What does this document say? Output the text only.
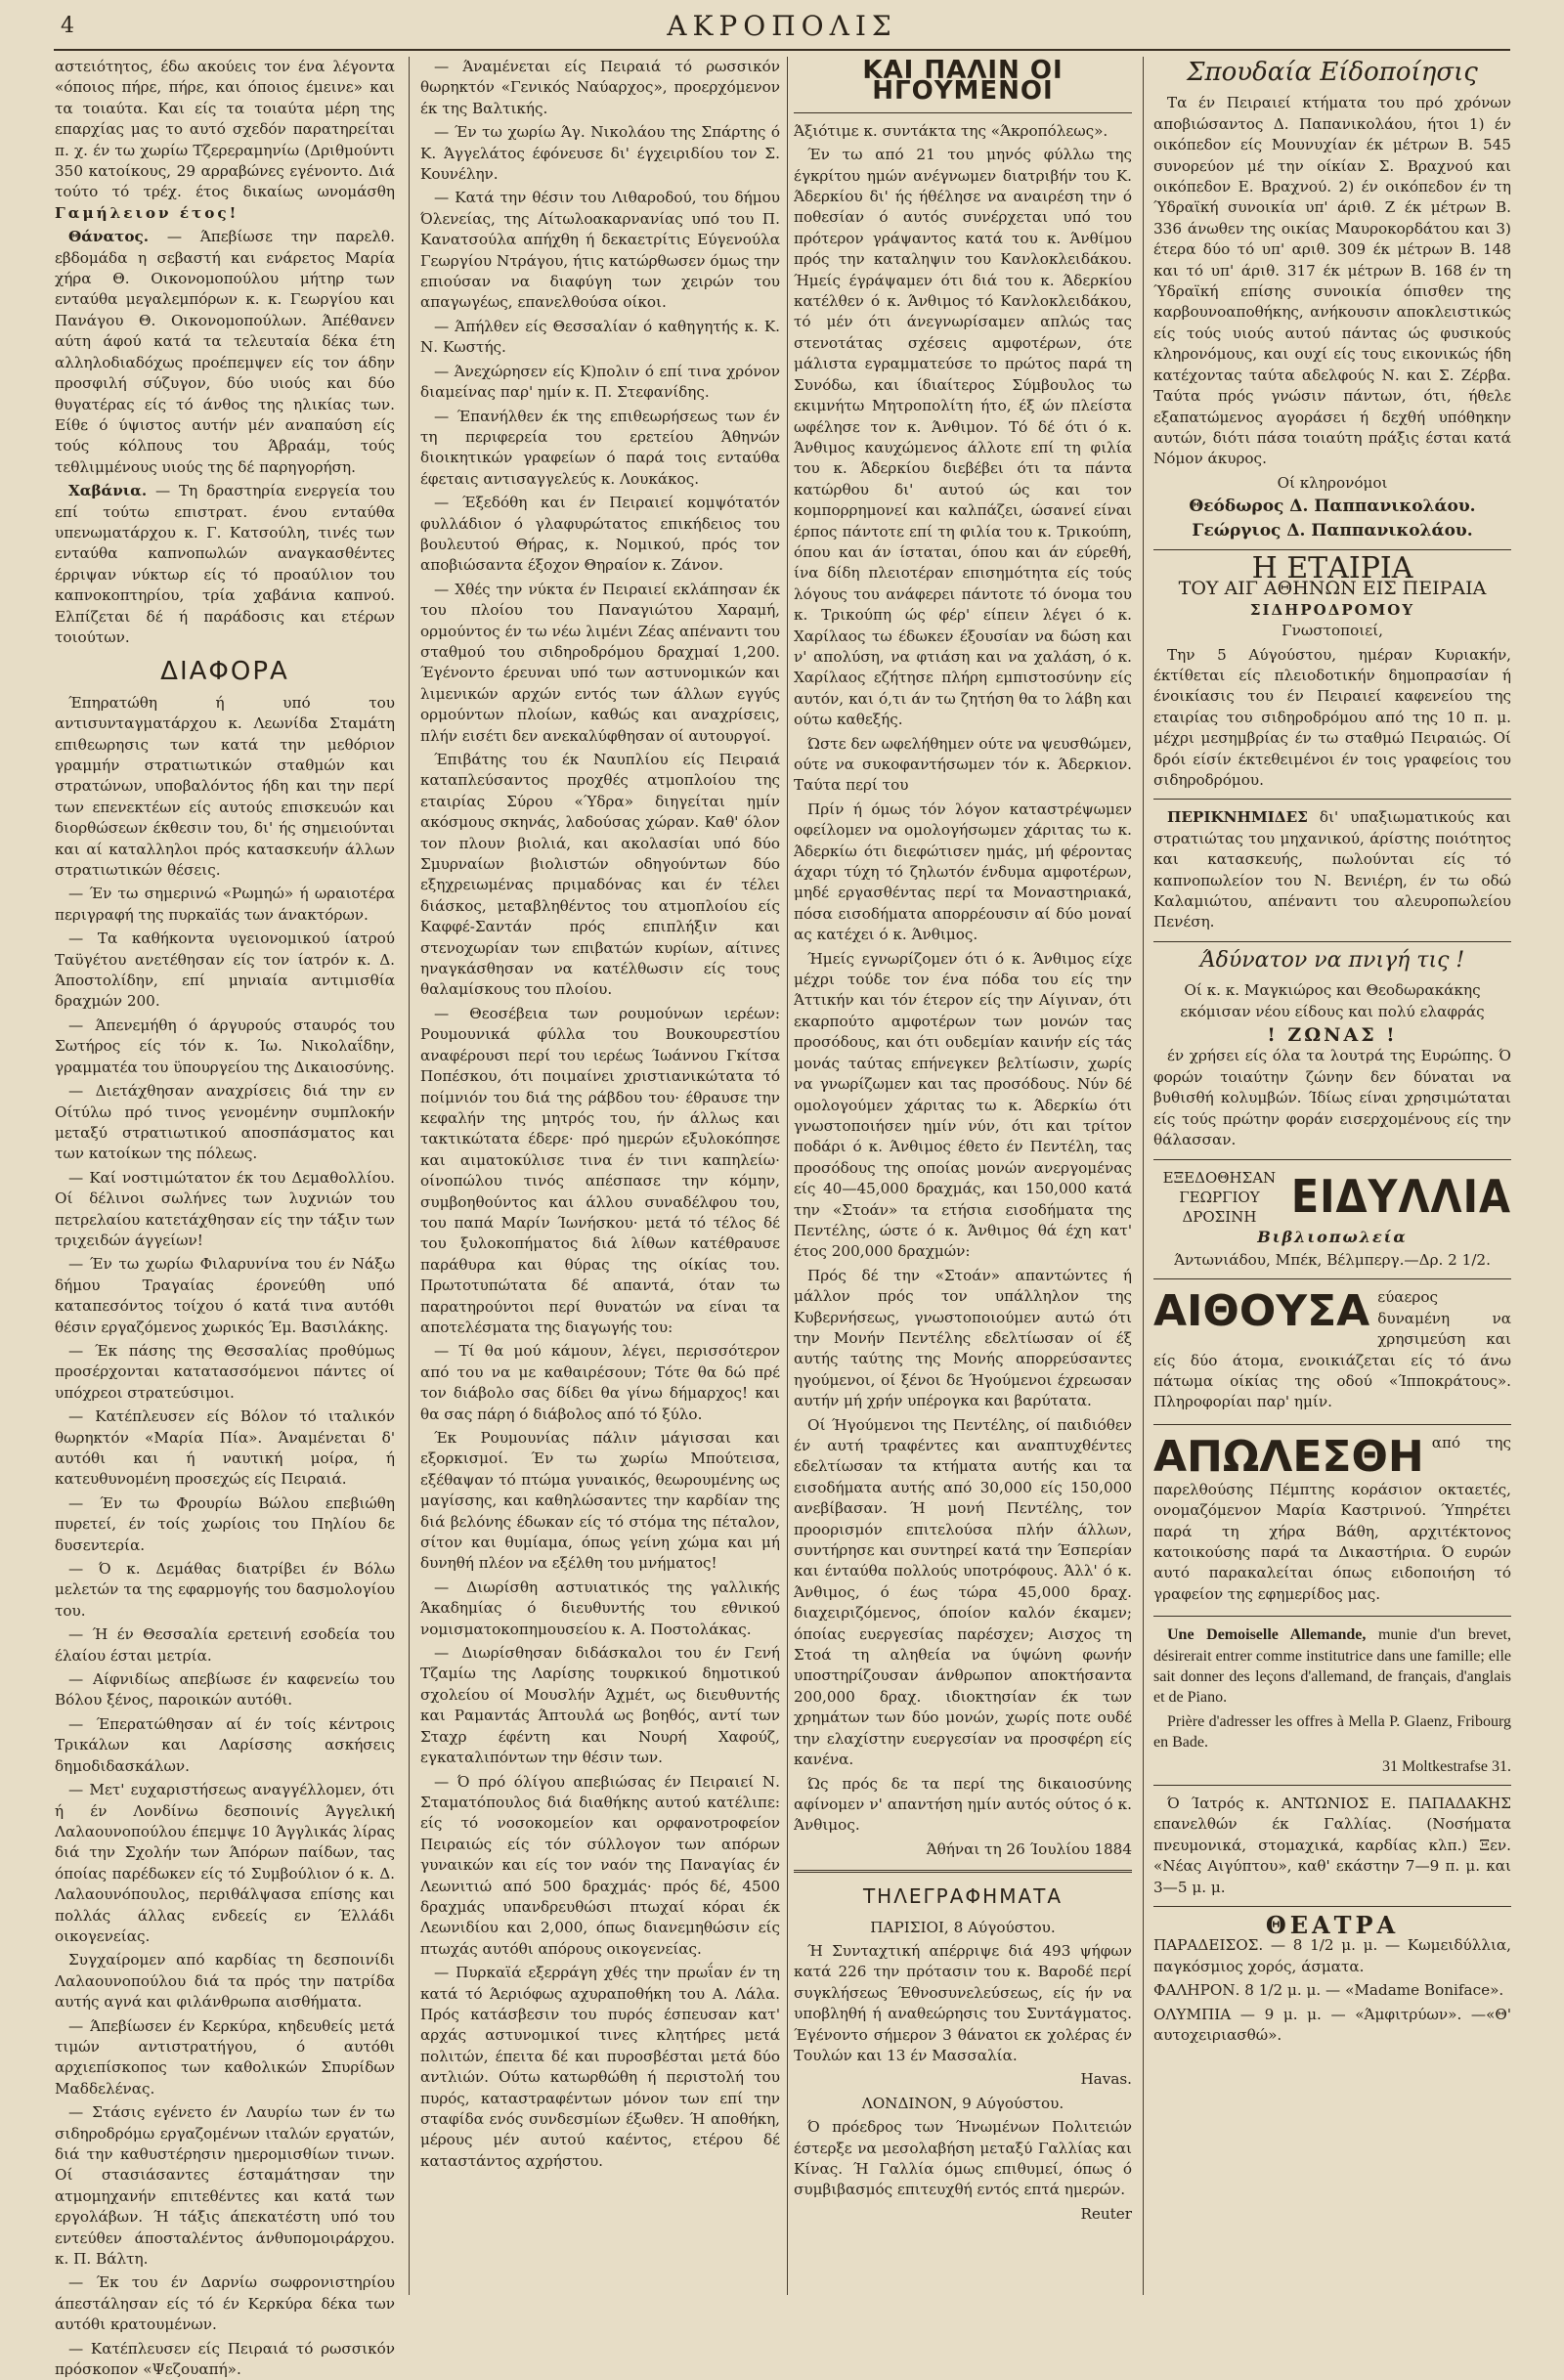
4	ΑΚΡΟΠΟΛΙΣ

αστειότητος, έδω ακούεις τον ένα λέγοντα «όποιος πήρε, πήρε, και όποιος έμεινε» και τα τοιαύτα. Και είς τα τοιαύτα μέρη της επαρχίας μας το αυτό σχεδόν παρατηρείται π. χ. έν τω χωρίω Τζερεραμηνίω (Δριθμούντι 350 κατοίκους, 29 αρραβώνες εγένοντο. Διά τούτο τό τρέχ. έτος δικαίως ωνομάσθη Γαμήλειον έτος!

Θάνατος. — Άπεβίωσε την παρελθ. εβδομάδα η σεβαστή και ενάρετος Μαρία χήρα Θ. Οικονομοπούλου μήτηρ των ενταύθα μεγαλεμπόρων κ. κ. Γεωργίου και Πανάγου Θ. Οικονομοπούλων. Άπέθανεν αύτη άφού κατά τα τελευταία δέκα έτη αλληλοδιαδόχως προέπεμψεν είς τον άδην προσφιλή σύζυγον, δύο υιούς και δύο θυγατέρας είς τό άνθος της ηλικίας των. Είθε ό ύψιστος αυτήν μέν αναπαύση είς τούς κόλπους του Άβραάμ, τούς τεθλιμμένους υιούς της δέ παρηγορήση.

Χαβάνια. — Τη δραστηρία ενεργεία του επί τούτω επιστρατ. ένου ενταύθα υπενωματάρχου κ. Γ. Κατσούλη, τινές των ενταύθα καπνοπωλών αναγκασθέντες έρριψαν νύκτωρ είς τό προαύλιον του καπνοκοπτηρίου, τρία χαβάνια καπνού. Ελπίζεται δέ ή παράδοσις και ετέρων τοιούτων.

ΔΙΑΦΟΡΑ

Έπηρατώθη ή υπό του αντισυνταγματάρχου κ. Λεωνίδα Σταμάτη επιθεωρησις των κατά την μεθόριον γραμμήν στρατιωτικών σταθμών και στρατώνων, υποβαλόντος ήδη και την περί των επενεκτέων είς αυτούς επισκευών και διορθώσεων έκθεσιν του, δι' ής σημειούνται και αί καταλληλοι πρός κατασκευήν άλλων στρατιωτικών θέσεις.

— Έν τω σημερινώ «Ρωμηώ» ή ωραιοτέρα περιγραφή της πυρκαϊάς των άνακτόρων.

— Τα καθήκοντα υγειονομικού ίατρού Ταϋγέτου ανετέθησαν είς τον ίατρόν κ. Δ. Άποστολίδην, επί μηνιαία αντιμισθία δραχμών 200.

— Άπενεμήθη ό άργυρούς σταυρός του Σωτήρος είς τόν κ. Ίω. Νικολαΐδην, γραμματέα του ϋπουργείου της Δικαιοσύνης.

— Διετάχθησαν αναχρίσεις διά την εν Οίτύλω πρό τινος γενομένην συμπλοκήν μεταξύ στρατιωτικού αποσπάσματος και των κατοίκων της πόλεως.

— Καί νοστιμώτατον έκ του Δεμαθολλίου. Οί δέλινοι σωλήνες των λυχνιών του πετρελαίου κατετάχθησαν είς την τάξιν των τριχειδών άγγείων!

— Έν τω χωρίω Φιλαρυνίνα του έν Νάξω δήμου Τραγαίας έρονεύθη υπό καταπεσόντος τοίχου ό κατά τινα αυτόθι θέσιν εργαζόμενος χωρικός Έμ. Βασιλάκης.

— Έκ πάσης της Θεσσαλίας προθύμως προσέρχονται κατατασσόμενοι πάντες οί υπόχρεοι στρατεύσιμοι.

— Κατέπλευσεν είς Βόλον τό ιταλικόν θωρηκτόν «Μαρία Πία». Άναμένεται δ' αυτόθι και ή ναυτική μοίρα, ή κατευθυνομένη προσεχώς είς Πειραιά.

— Έν τω Φρουρίω Βώλου επεβιώθη πυρετεί, έν τοίς χωρίοις του Πηλίου δε δυσεντερία.

— Ό κ. Δεμάθας διατρίβει έν Βόλω μελετών τα της εφαρμογής του δασμολογίου του.

— Ή έν Θεσσαλία ερετεινή εσοδεία του έλαίου έσται μετρία.

— Αίφνιδίως απεβίωσε έν καφενείω του Βόλου ξένος, παροικών αυτόθι.

— Έπερατώθησαν αί έν τοίς κέντροις Τρικάλων και Λαρίσσης ασκήσεις δημοδιδασκάλων.

— Μετ' ευχαριστήσεως αναγγέλλομεν, ότι ή έν Λονδίνω δεσποινίς Άγγελική Λαλαουνοπούλου έπεμψε 10 Άγγλικάς λίρας διά την Σχολήν των Άπόρων παίδων, τας όποίας παρέδωκεν είς τό Συμβούλιον ό κ. Δ. Λαλαουνόπουλος, περιθάλψασα επίσης και πολλάς άλλας ενδεείς εν Έλλάδι οικογενείας.

Συγχαίρομεν από καρδίας τη δεσποινίδι Λαλαουνοπούλου διά τα πρός την πατρίδα αυτής αγνά και φιλάνθρωπα αισθήματα.

— Άπεβίωσεν έν Κερκύρα, κηδευθείς μετά τιμών αντιστρατήγου, ό αυτόθι αρχιεπίσκοπος των καθολικών Σπυρίδων Μαδδελένας.

— Στάσις εγένετο έν Λαυρίω των έν τω σιδηροδρόμω εργαζομένων ιταλών εργατών, διά την καθυστέρησιν ημερομισθίων τινων. Οί στασιάσαντες έσταμάτησαν την ατμομηχανήν επιτεθέντες και κατά των εργολάβων. Ή τάξις άπεκατέστη υπό του εντεύθεν άποσταλέντος άνθυπομοιράρχου. κ. Π. Βάλτη.

— Έκ του έν Δαρνίω σωφρονιστηρίου άπεστάλησαν είς τό έν Κερκύρα δέκα των αυτόθι κρατουμένων.

— Κατέπλευσεν είς Πειραιά τό ρωσσικόν πρόσκοπον «Ψεζουαπή».

— Άναμένεται είς Πειραιά τό ρωσσικόν θωρηκτόν «Γενικός Ναύαρχος», προερχόμενον έκ της Βαλτικής.

— Έν τω χωρίω Άγ. Νικολάου της Σπάρτης ό Κ. Άγγελάτος έφόνευσε δι' έγχειριδίου τον Σ. Κουνέλην.

— Κατά την θέσιν του Λιθαροδού, του δήμου Όλενείας, της Αίτωλοακαρνανίας υπό του Π. Κανατσούλα απήχθη ή δεκαετρίτις Εύγενούλα Γεωργίου Ντράγου, ήτις κατώρθωσεν όμως την επιούσαν να διαφύγη των χειρών του απαγωγέως, επανελθούσα οίκοι.

— Άπήλθεν είς Θεσσαλίαν ό καθηγητής κ. Κ. Ν. Κωστής.

— Άνεχώρησεν είς Κ)πολιν ό επί τινα χρόνον διαμείνας παρ' ημίν κ. Π. Στεφανίδης.

— Έπανήλθεν έκ της επιθεωρήσεως των έν τη περιφερεία του ερετείου Άθηνών διοικητικών γραφείων ό παρά τοις ενταύθα έφεταις αντισαγγελεύς κ. Λουκάκος.

— Έξεδόθη και έν Πειραιεί κομψότατόν φυλλάδιον ό γλαφυρώτατος επικήδειος του βουλευτού Θήρας, κ. Νομικού, πρός τον αποβιώσαντα έξοχον Θηραίον κ. Ζάνον.

— Χθές την νύκτα έν Πειραιεί εκλάπησαν έκ του πλοίου του Παναγιώτου Χαραμή, ορμούντος έν τω νέω λιμένι Ζέας απέναντι του σταθμού του σιδηροδρόμου δραχμαί 1,200. Έγένοντο έρευναι υπό των αστυνομικών και λιμενικών αρχών εντός των άλλων εγγύς ορμούντων πλοίων, καθώς και αναχρίσεις, πλήν εισέτι δεν ανεκαλύφθησαν οί αυτουργοί.

Έπιβάτης του έκ Ναυπλίου είς Πειραιά καταπλεύσαντος προχθές ατμοπλοίου της εταιρίας Σύρου «Ύδρα» διηγείται ημίν ακόσμους σκηνάς, λαδούσας χώραν. Καθ' όλον τον πλουν βιολιά, και ακολασίαι υπό δύο Σμυρναίων βιολιστών οδηγούντων δύο εξηχρειωμένας πριμαδόνας και έν τέλει διάσκος, μεταβληθέντος του ατμοπλοίου είς Καφφέ-Σαντάν πρός επιπλήξιν και στενοχωρίαν των επιβατών κυρίων, αίτινες ηναγκάσθησαν να κατέλθωσιν είς τους θαλαμίσκους του πλοίου.

— Θεοσέβεια των ρουμούνων ιερέων: Ρουμουνικά φύλλα του Βουκουρεστίου αναφέρουσι περί του ιερέως Ίωάννου Γκίτσα Ποπέσκου, ότι ποιμαίνει χριστιανικώτατα τό ποίμνιόν του διά της ράβδου του· έθραυσε την κεφαλήν της μητρός του, ήν άλλως και τακτικώτατα έδερε· πρό ημερών εξυλοκόπησε και αιματοκύλισε τινα έν τινι καπηλείω· οίνοπώλου τινός απέσπασε την κόμην, συμβοηθούντος και άλλου συναδέλφου του, του παπά Μαρίν Ίωνήσκου· μετά τό τέλος δέ του ξυλοκοπήματος διά λίθων κατέθραυσε παράθυρα και θύρας της οίκίας του. Πρωτοτυπώτατα δέ απαντά, όταν τω παρατηρούντοι περί θυνατών να είναι τα αποτελέσματα της διαγωγής του:

— Τί θα μού κάμουν, λέγει, περισσότερον από του να με καθαιρέσουν; Τότε θα δώ πρέ τον διάβολο σας δίδει θα γίνω δήμαρχος! και θα σας πάρη ό διάβολος από τό ξύλο.

Έκ Ρουμουνίας πάλιν μάγισσαι και εξορκισμοί. Έν τω χωρίω Μπούτεισα, εξέθαψαν τό πτώμα γυναικός, θεωρουμένης ως μαγίσσης, και καθηλώσαντες την καρδίαν της διά βελόνης έδωκαν είς τό στόμα της πέταλον, σίτον και θυμίαμα, όπως γείνη χώμα και μή δυνηθή πλέον να εξέλθη του μνήματος!

— Διωρίσθη αστυιατικός της γαλλικής Άκαδημίας ό διευθυντής του εθνικού νομισματοκοπημουσείου κ. Α. Ποστολάκας.

— Διωρίσθησαν διδάσκαλοι του έν Γενή Τζαμίω της Λαρίσης τουρκικού δημοτικού σχολείου οί Μουσλήν Άχμέτ, ως διευθυντής και Ραμαντάς Άπτουλά ως βοηθός, αντί των Σταχρ έφέντη και Νουρή Χαφούζ, εγκαταλιπόντων την θέσιν των.

— Ό πρό όλίγου απεβιώσας έν Πειραιεί Ν. Σταματόπουλος διά διαθήκης αυτού κατέλιπε: είς τό νοσοκομείον και ορφανοτροφείον Πειραιώς είς τόν σύλλογον των απόρων γυναικών και είς τον ναόν της Παναγίας έν Λεωνιτιώ από 500 δραχμάς· πρός δέ, 4500 δραχμάς υπανδρευθώσι πτωχαί κόραι έκ Λεωνιδίου και 2,000, όπως διανεμηθώσιν είς πτωχάς αυτόθι απόρους οικογενείας.

— Πυρκαϊά εξερράγη χθές την πρωΐαν έν τη κατά τό Άεριόφως αχυραποθήκη του Α. Λάλα. Πρός κατάσβεσιν του πυρός έσπευσαν κατ' αρχάς αστυνομικοί τινες κλητήρες μετά πολιτών, έπειτα δέ και πυροσβέσται μετά δύο αντλιών. Ούτω κατωρθώθη ή περιστολή του πυρός, καταστραφέντων μόνον των επί την σταφίδα ενός συνδεσμίων έξωθεν. Ή αποθήκη, μέρους μέν αυτού καέντος, ετέρου δέ καταστάντος αχρήστου.

ΚΑΙ ΠΑΛΙΝ ΟΙ ΗΓΟΥΜΕΝΟΙ

Άξιότιμε κ. συντάκτα της «Άκροπόλεως».

Έν τω από 21 του μηνός φύλλω της έγκρίτου ημών ανέγνωμεν διατριβήν του Κ. Άδερκίου δι' ής ήθέλησε να αναιρέση την ό ποθεσίαν ό αυτός συνέρχεται υπό του πρότερον γράψαντος κατά του κ. Άνθίμου πρός την καταληψιν του Κανλοκλειδάκου. Ήμείς έγράψαμεν ότι διά του κ. Άδερκίου κατέλθεν ό κ. Άνθιμος τό Κανλοκλειδάκου, τό μέν ότι άνεγνωρίσαμεν απλώς τας στενοτάτας σχέσεις αμφοτέρων, ότε μάλιστα εγραμματεύσε το πρώτος παρά τη Συνόδω, και ίδιαίτερος Σύμβουλος τω εκιμνήτω Μητροπολίτη ήτο, έξ ών πλείστα ωφέλησε τον κ. Άνθιμον. Τό δέ ότι ό κ. Άνθιμος καυχώμενος άλλοτε επί τη φιλία του κ. Άδερκίου διεβέβει ότι τα πάντα κατώρθου δι' αυτού ώς και τον κομπορρημονεί και καλπάζει, ώσανεί είναι έρπος πάντοτε επί τη φιλία του κ. Τρικούπη, όπου και άν ίσταται, όπου και άν εύρεθή, ίνα δίδη πλειοτέραν επισημότητα είς τούς λόγους του ανάφερει πάντοτε τό όνομα του κ. Τρικούπη ώς φέρ' είπειν λέγει ό κ. Χαρίλαος τω έδωκεν έξουσίαν να δώση και ν' απολύση, να φτιάση και να χαλάση, ό κ. Χαρίλαος εζήτησε πλήρη εμπιστοσύνην είς αυτόν, και ό,τι άν τω ζητήση θα το λάβη και ούτω καθεξής.

Ώστε δεν ωφελήθημεν ούτε να ψευσθώμεν, ούτε να συκοφαντήσωμεν τόν κ. Άδερκιον. Ταύτα περί του

Πρίν ή όμως τόν λόγον καταστρέψωμεν οφείλομεν να ομολογήσωμεν χάριτας τω κ. Άδερκίω ότι διεφώτισεν ημάς, μή φέροντας άχαρι τύχη τό ζηλωτόν ένδυμα αμφοτέρων, μηδέ εργασθέντας περί τα Μοναστηριακά, πόσα εισοδήματα απορρέουσιν αί δύο μοναί ας κατέχει ό κ. Άνθιμος.

Ήμείς εγνωρίζομεν ότι ό κ. Άνθιμος είχε μέχρι τούδε τον ένα πόδα του είς την Άττικήν και τόν έτερον είς την Αίγιναν, ότι εκαρπούτο αμφοτέρων των μονών τας προσόδους, και ότι ουδεμίαν καινήν είς τάς μονάς ταύτας επήνεγκεν βελτίωσιν, χωρίς να γνωρίζωμεν και τας προσόδους. Νύν δέ ομολογούμεν χάριτας τω κ. Άδερκίω ότι γνωστοποιήσεν ημίν νύν, ότι και τρίτον ποδάρι ό κ. Άνθιμος έθετο έν Πεντέλη, τας προσόδους της οποίας μονών ανεργομένας είς 40—45,000 δραχμάς, και 150,000 κατά την «Στοάν» τα ετήσια εισοδήματα της Πεντέλης, ώστε ό κ. Άνθιμος θά έχη κατ' έτος 200,000 δραχμών:

Πρός δέ την «Στοάν» απαντώντες ή μάλλον πρός τον υπάλληλον της Κυβερνήσεως, γνωστοποιούμεν αυτώ ότι την Μονήν Πεντέλης εδελτίωσαν οί έξ αυτής ταύτης της Μονής απορρεύσαντες ηγούμενοι, οί ξένοι δε Ήγούμενοι έχρεωσαν αυτήν μή χρήν υπέρογκα και βαρύτατα.

Οί Ήγούμενοι της Πεντέλης, οί παιδιόθεν έν αυτή τραφέντες και αναπτυχθέντες εδελτίωσαν τα κτήματα αυτής και τα εισοδήματα αυτής από 30,000 είς 150,000 ανεβίβασαν. Ή μονή Πεντέλης, τον προορισμόν επιτελούσα πλήν άλλων, συντήρησε και συντηρεί κατά την Έσπερίαν και ένταύθα πολλούς υποτρόφους. Άλλ' ό κ. Άνθιμος, ό έως τώρα 45,000 δραχ. διαχειριζόμενος, όποίον καλόν έκαμεν; όποίας ευεργεσίας παρέσχεν; Αισχος τη Στοά τη αληθεία να ύψώνη φωνήν υποστηρίζουσαν άνθρωπον αποκτήσαντα 200,000 δραχ. ιδιοκτησίαν έκ των χρημάτων των δύο μονών, χωρίς ποτε ουδέ την ελαχίστην ευεργεσίαν να προσφέρη είς κανένα.

Ώς πρός δε τα περί της δικαιοσύνης αφίνομεν ν' απαντήση ημίν αυτός ούτος ό κ. Άνθιμος.

Άθήναι τη 26 Ίουλίου 1884

ΤΗΛΕΓΡΑΦΗΜΑΤΑ

ΠΑΡΙΣΙΟΙ, 8 Αύγούστου.

Ή Συνταχτική απέρριψε διά 493 ψήφων κατά 226 την πρότασιν του κ. Βαροδέ περί συγκλήσεως Έθνοσυνελεύσεως, είς ήν να υποβληθή ή αναθεώρησις του Συντάγματος. Έγένοντο σήμερον 3 θάνατοι εκ χολέρας έν Τουλών και 13 έν Μασσαλία.

Havas.

ΛΟΝΔΙΝΟΝ, 9 Αύγούστου.

Ό πρόεδρος των Ήνωμένων Πολιτειών έστερξε να μεσολαβήση μεταξύ Γαλλίας και Κίνας. Ή Γαλλία όμως επιθυμεί, όπως ό συμβιβασμός επιτευχθή εντός επτά ημερών.

Reuter

Σπουδαία Είδοποίησις

Τα έν Πειραιεί κτήματα του πρό χρόνων αποβιώσαντος Δ. Παπανικολάου, ήτοι 1) έν οικόπεδον είς Μουνυχίαν έκ μέτρων Β. 545 συνορεύον μέ την οίκίαν Σ. Βραχνού και οικόπεδον Ε. Βραχνού. 2) έν οικόπεδον έν τη Ύδραϊκή συνοικία υπ' άριθ. Z έκ μέτρων Β. 336 άνωθεν της οικίας Μαυροκορδάτου και 3) έτερα δύο τό υπ' αριθ. 309 έκ μέτρων Β. 148 και τό υπ' άριθ. 317 έκ μέτρων Β. 168 έν τη Ύδραϊκή επίσης συνοικία όπισθεν της καρβουνοαποθήκης, ανήκουσιν αποκλειστικώς είς τούς υιούς αυτού πάντας ώς φυσικούς κληρονόμους, και ουχί είς τους εικονικώς ήδη κατέχοντας ταύτα αδελφούς Ν. και Σ. Ζέρβα. Ταύτα πρός γνώσιν πάντων, ότι, ήθελε εξαπατώμενος αγοράσει ή δεχθή υπόθηκην αυτών, διότι πάσα τοιαύτη πράξις έσται κατά Νόμον άκυρος.

Οί κληρονόμοι

Θεόδωρος Δ. Παππανικολάου.

Γεώργιος Δ. Παππανικολάου.

Η ΕΤΑΙΡΙΑ
ΤΟΥ ΑΙΓ ΑΘΗΝΩΝ ΕΙΣ ΠΕΙΡΑΙΑ
ΣΙΔΗΡΟΔΡΟΜΟΥ

Γνωστοποιεί,

Την 5 Αύγούστου, ημέραν Κυριακήν, έκτίθεται είς πλειοδοτικήν δημοπρασίαν ή ένοικίασις του έν Πειραιεί καφενείου της εταιρίας του σιδηροδρόμου από της 10 π. μ. μέχρι μεσημβρίας έν τω σταθμώ Πειραιώς. Οί δρόι είσίν έκτεθειμένοι έν τοις γραφείοις του σιδηροδρόμου.

ΠΕΡΙΚΝΗΜΙΔΕΣ δι' υπαξιωματικούς και στρατιώτας του μηχανικού, άρίστης ποιότητος και κατασκευής, πωλούνται είς τό καπνοπωλείον του Ν. Βενιέρη, έν τω οδώ Καλαμιώτου, απέναντι του αλευροπωλείου Πενέση.

Άδύνατον να πνιγή τις !

Οί κ. κ. Μαγκιώρος και Θεοδωρακάκης εκόμισαν νέου είδους και πολύ ελαφράς

! ΖΩΝΑΣ !

έν χρήσει είς όλα τα λουτρά της Ευρώπης. Ό φορών τοιαύτην ζώνην δεν δύναται να βυθισθή κολυμβών. Ίδίως είναι χρησιμώταται είς τούς πρώτην φοράν εισερχομένους είς την θάλασσαν.

ΕΞΕΔΟΘΗΣΑΝ
ΓΕΩΡΓΙΟΥ ΔΡΟΣΙΝΗ ΕΙΔΥΛΛΙΑ

Βιβλιοπωλεία

Άντωνιάδου, Μπέκ, Βέλμπεργ.—Δρ. 2 1/2.

ΑΙΘΟΥΣΑ εύαερος δυναμένη να χρησιμεύση και είς δύο άτομα, ενοικιάζεται είς τό άνω πάτωμα οίκίας της οδού «Ίπποκράτους». Πληροφορίαι παρ' ημίν.

ΑΠΩΛΕΣΘΗ από της παρελθούσης Πέμπτης κοράσιον οκταετές, ονομαζόμενον Μαρία Καστρινού. Ύπηρέτει παρά τη χήρα Βάθη, αρχιτέκτονος κατοικούσης παρά τα Δικαστήρια. Ό ευρών αυτό παρακαλείται όπως ειδοποιήση τό γραφείον της εφημερίδος μας.

Une Demoiselle Allemande, munie d'un brevet, désirerait entrer comme institutrice dans une famille; elle sait donner des leçons d'allemand, de français, d'anglais et de Piano.

Prière d'adresser les offres à Mella P. Glaenz, Fribourg en Bade.

31 Moltkestrafse 31.

Ό Ίατρός κ. ΑΝΤΩΝΙΟΣ Ε. ΠΑΠΑΔΑΚΗΣ επανελθών έκ Γαλλίας. (Νοσήματα πνευμονικά, στομαχικά, καρδίας κλπ.) Ξεν. «Νέας Αιγύπτου», καθ' εκάστην 7—9 π. μ. και 3—5 μ. μ.

ΘΕΑΤΡΑ

ΠΑΡΑΔΕΙΣΟΣ. — 8 1/2 μ. μ. — Κωμειδύλλια, παγκόσμιος χορός, άσματα.

ΦΑΛΗΡΟΝ. 8 1/2 μ. μ. — «Madame Boniface».

ΟΛΥΜΠΙΑ — 9 μ. μ. — «Άμφιτρύων». —«Θ' αυτοχειριασθώ».
